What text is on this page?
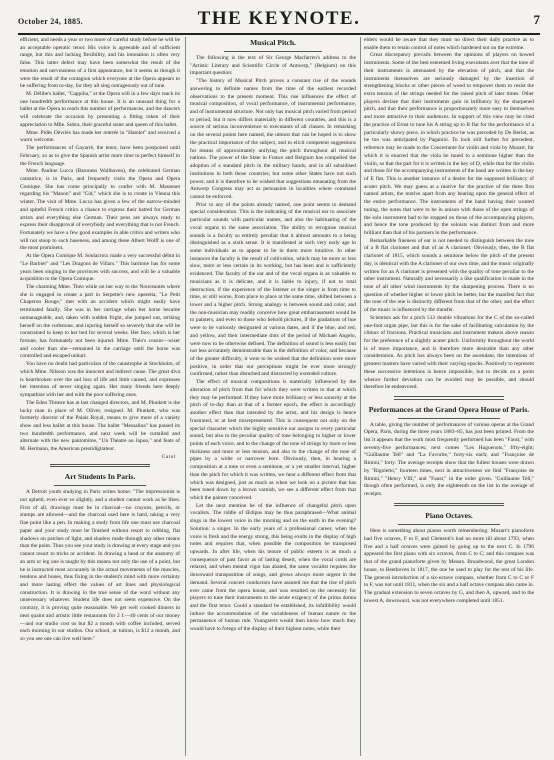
October 24, 1885.	THE KEYNOTE.	7

efficient, and needs a year or two more of careful study before he will be an acceptable operatic tenor. His voice is agreeable and of sufficient range, but this and lacking flexibility, and his intonation is often very false. This latter defect may have been somewhat the result of the emotion and nervousness of a first appearance, but it seems as though it were the result of the contagion which everyone at the Opera appears to be suffering from to-day, for they all sing outrageously out of tune.

M. Délibe's ballet, "Cappilia," at the Opera will in a few days reach its one hundredth performance at this house. It is an unusual thing for a ballet at the Opera to reach this number of performances, and the dancers will celebrate the occasion by presenting a fitting token of their appreciation to Mlle. Subra, their graceful sister and queen of this ballet.

Mme. Pidès Dèvriès has made her rentrée in "Hamlet" and received a warm welcome.

The performances of Gayarré, the tenor, have been postponed until February, so as to give the Spanish artist more time to perfect himself in the French language.

Mme. Pauline Lucca (Baroness Wallhoven), the celebrated German cantatrice, is in Paris, and frequently visits the Opera and Opera Comique. She has come principally to confer with M. Massenet regarding his "Manon" and "Cid," which she is to create in Vienna this winter. The visit of Mme. Lucca has given a few of the narrow-minded and spiteful French critics a chance to express their hatred for German artists and everything else German. Their pens are always ready to express their disapproval of everybody and everything that is not French. Fortunately we have a few good examples in able critics and writers who will not stoop to such baseness, and among these Albert Wolff is one of the most prominent.

At the Opera Comique M. Soulacroix made a very successful début in "Le Barbier" and "Les Dragons de Villars." This baritone has for some years been singing in the provinces with success, and will be a valuable acquisition to the Opera Comique.

The charming Mme. Théo while on her way to the Nouveautés where she is engaged to create a part in Serpette's new operetta, "Le Petit Chaperon Rouge," met with an accident which might easily have terminated fatally. She was in her carriage when her horse became unmanageable, and, taken with sudden fright, she jumped out, striking herself on the curbstone, and injuring herself so severely that she will be constrained to keep to her bed for several weeks. Her face, which is her fortune, has fortunately not been injured. Mme. Théo's cousin—wiser and cooler than she—remained in the carriage until the horse was controlled and escaped unhurt.

You have no doubt had particulars of the catastrophe at Stockholm, of which Mme. Nilsson was the innocent and indirect cause. The great diva is heartbroken over the sad loss of life and limb caused, and expresses her intention of never singing again. Her many friends here deeply sympathize with her and with the poor suffering ones.

The Eden Theatre has at last changed directors, and M. Plunkett is the lucky man in place of M. Oliver, resigned. M. Plunkett, who was formerly director of the Palais Royal, means to give more of a variety show and less ballet at this house. The ballet "Messalina" has passed its two hundredth performance, and next week will be curtailed and alternate with the new pantomime, "Un Théatre au Japon," and feats of M. Hermann, the American prestidigitateur.

Carol
Art Students In Paris.

A Detroit youth studying in Paris writes home: "The impressionist is not upheld, even ever so slightly, and a student cannot work as he likes. First of all, drawings must be in charcoal—no crayons, pencils, or stumps are allowed—and the charcoal used here is hard, taking a very fine point like a pen. In making a study from life one must use charcoal paper and your study must be finished without resort to rubbing, flat shadows on patches of light, and shadow made through any other means than the point. Thus you see your study is drawing at every stage and you cannot resort to tricks or accident. In drawing a head or the anatomy of an arm or leg one is taught by this means not only the use of a point, but he is instructed most accurately in the actual movements of the muscles, tendons and bones, thus fixing in the student's mind with more certainty and more lasting effect the values of art lines and physiological construction. It is drawing in the true sense of the word without any unnecessary whatever. Student life does not seem expensive. On the contrary, it is proving quite reasonable. We get well cooked dinners in neat quaint and artistic little restaurants for 2 f.—40 cents of our money—and our studio cost us but $2 a month with coffee included, served each morning in our studios. Our school, or tuition, is $12 a month, and so you see one can live well here."

Musical Pitch.

The following is the text of Sir George Macfarren's address to the "Artistic Literary and Scientific Circle of Antwerp," (Belgium) on this important question:

"The history of Musical Pitch proves a constant rise of the sounds answering to definite names from the time of the earliest recorded observations to the present moment. This rise influences the effect of musical composition, of vocal performance, of instrumental performance, and of instrumental structure. Not only has musical pitch varied from period to period, but it now differs materially in different countries, and this is a source of serious inconvenience to executants of all classes. In remarking on the several points here named, the utmost that can be hoped is to show the practical importance of the subject, and to elicit competent suggestions for means of approximately unifying the pitch throughout all musical nations. The power of the State in France and Belgium has compelled the adoption of a standard pitch in the military bands, and in all subsidised institutions in both those countries; but some other States have not such power, and it is therefore to be wished that suggestions emanating from the Antwerp Congress may act as persuasion in localities where command cannot be enforced.

Prior to any of the points already named, one point seems to demand special consideration. This is the indicating of the musical ear to associate particular sounds with particular names, and also the habituating of the vocal organs to the same association. The ability to recognise musical sounds is a faculty so entirely peculiar that it almost amounts to a being distinguished as a sixth sense. It is manifested at such very early age in some individuals as to appear to be in them more intuitive. In other instances the faculty is the result of cultivation, which may be more or less slow, more or less certain in its working, but has been and is sufficiently evidenced. The faculty of the ear and of the vocal organs is as valuable to musicians as it is delicate, and it is liable to injury, if not to total destruction, if the experience of the listener or the singer is from time to time, or still worse, from place to place at the same time, shifted between a lower and a higher pitch. Strong analogy is between sound and color, and the non-musician may readily conceive how great embarrassment would be to painters, and even to those who behold pictures, if the gradations of hue were to be variously designated at various dates, and if the blue, and red, and yellow, and their intermediate tints of the period of Michael Angelo, were now to be otherwise defined. The definition of sound is less easily but not less accurately demonstrable than is the definition of color, and because of the greater difficulty, it were to be wished that the definition were more positive, in order that our perceptions might be ever more strongly confirmed, rather than disturbed and distracted by extended culture.

The effect of musical compositions is materially influenced by the alteration of pitch from that for which they were written to that at which they may be performed. If they have more brilliancy or less sonority at the pitch of to-day than at that of a former epoch, the effect is accordingly another effect than that intended by the artist, and his design is hence frustrated, or at best misrepresented. This is consequent not only on the special character which the highly sensitive ear assigns to every particular sound, but also to the peculiar quality of tone belonging to higher or lower points of each voice, and to the change of the tone of strings by more or less thickness and more or less tension, and also to the change of the tone of pipes by a wider or narrower bore. Obviously, then, in hearing a composition at a tone or even a semitone, or a yet smaller interval, higher than the pitch for which it was written, we hear a different effect from that which was designed, just as much as when we look on a picture that has been toned down by a brown varnish, we see a different effect from that which the painter conceived.

Let the next mention be of the influence of changeful pitch upon vocalists. The riddle of Œdipus may be thus paraphrased—What animal sings in the lowest voice in the morning and on the earth in the evening? Solution: a singer. In the early years of a professional career, when the voice is fresh and the energy strong, this being exults in the display of high notes and requires that, when possible the composition be transposed upwards. In after life, when his tenure of public esteem is as much a consequence of past favor as of lasting desert, when the vocal cords are relaxed, and when mental vigor has abated, the same vocalist requires the downward transposition of songs, and grows always more urgent in the demand. Several concert conductors have assured me that the rise of pitch ever came from the opera house, and was resulted on the necessity for players to tune their instruments to the acute exigency of the prima donna and the first tenor. Could a standard be established, its infallibility would induce the accommodation of the variableness of human nature to the permanence of human rule. Youngsters would then know how much they would have to forego of the display of their highest notes, while their

elders would be aware that they must no direct their daily practice as to enable them to retain control of notes which hardened not on the extreme.

Great discrepancy prevails between the opinions of players on bowed instruments. Some of the best esteemed living executants aver that the tone of their instruments is attenuated by the elevation of pitch, and that the instruments themselves are seriously damaged by the insertion of strengthening blocks or other pieces of wood to empower them to resist the extra tension of the strings needed for the raised pitch of later times. Other players declare that their instruments gain in brilliancy by the sharpened pitch, and that their performance is proportionately more easy to themselves and more attractive to their audiences. In support of this view may be cited the practice of Ernst to tune his A string up to B flat for the performance of a particularly showy piece, in which practice he was preceded by De Beriot, as he too was anticipated by Paganini. To look still further for precedent, reference may be made to the Concertante for violin and viola by Mozart, for which it is enacted that the viola be tuned to a semitone higher than the violin, so that the part for it is written in the key of D, while that for the violin and those for the accompanying instruments of the band are written in the key of E flat. This is another instance of a desire for the supposed brilliancy of acuter pitch. We may guess at a motive for the practice of the three first named artists, the motive apart from any bearing upon the general effect of the entire performance. The instruments of the band having their wonted tuning, the notes that were to be in unison with those of the open strings of the solo instrument had to be stopped on those of the accompanying players, and hence the tone produced by the soloists was distinct from and more brilliant than that of his partners in the performance.

Remarkable fineness of ear is not needed to distinguish between the tone of a B flat clarionet and that of an A clarionet. Obviously, then, the B flat clarionet of 1815, which sounds a semitone below the pitch of the present day, is identical with the A clarionet of our own time, and the music originally written for an A clarionet is presented with the quality of tone peculiar to the other instrument. Naturally and necessarily a like qualification is made in the tone of all other wind instruments by the sharpening process. There is no question of whether higher or lower pitch be better, but the manifest fact that the tone of the one is distinctly different from that of the other, and the effect of the music is influenced by the transfer.

Scientists ask for a pitch 512 double vibrations for the C of the so-called one-foot organ pipe, but this is for the sake of facilitating calculation by the climax of fractions. Practical musicians and instrument makers above reason for the preference of a slightly acuter pitch. Uniformity throughout the world is of more importance, and is therefore more desirable than any other consideration. As pitch has always been on the ascendant, the intentions of greatest masters have varied with their varying epochs. Positively to represent these successive intentions is hence impossible, but to decide on a point whence further deviation can be avoided may be possible, and should therefore be endeavored.

Performances at the Grand Opera House of Paris.

A table, giving the number of performances of various operas at the Grand Opera, Paris, during the three years 1883–85, has just been printed. From the list it appears that the work most frequently performed has been "Faust," with seventy-five performances; next comes "Les Huguenots," fifty-eight; "Guillaume Tell" and "La Favorite," forty-six each; and "Françoise de Rimini," forty. The average receipts show that the fullest houses were drawn by "Rigoletto," fourteen times, next in attractiveness we find "Françoise de Rimini," "Henry VIII," and "Faust," in the order given. "Guillaume Tell," though often performed, is only the eighteenth on the list in the average of receipts.

Piano Octaves.

Here is something about pianos worth remembering: Mozart's pianoforte had five octaves, F to F, and Clementi's had no more till about 1793, when five and a half octaves were gained by going up to the next C. In 1796 appeared the first piano with six octaves, from C to C; and this compass was that of the grand pianoforte given by Messrs. Broadwood, the great London house, to Beethoven in 1817, the one he used to play for the rest of his life. The general introduction of a six-octave compass, whether from C to C or F to F, was not until 1811, when the six and a half octave compass also came in. The gradual extension to seven octaves by G, and then A, upward, and to the lowest A, downward, was not everywhere completed until 1851.
